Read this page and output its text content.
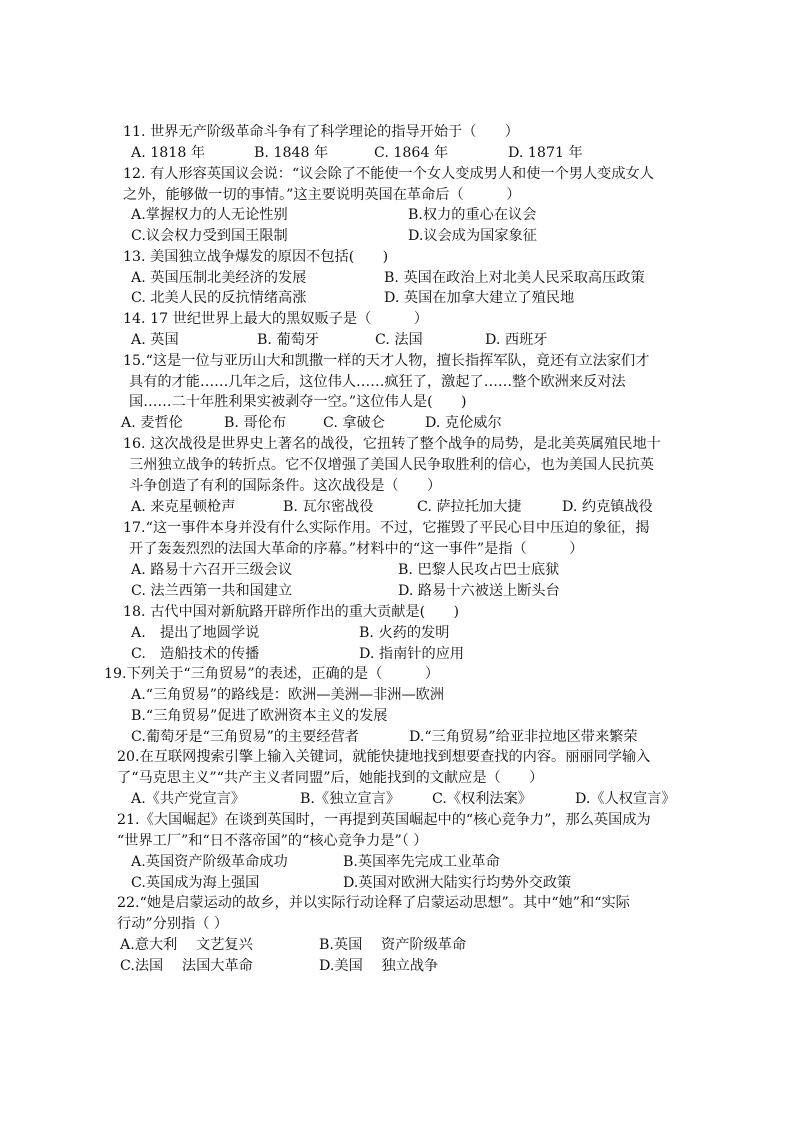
11. 世界无产阶级革命斗争有了科学理论的指导开始于（　　）
A. 1818 年	B. 1848 年	C. 1864 年	D. 1871 年
12. 有人形容英国议会说：“议会除了不能使一个女人变成男人和使一个男人变成女人
之外，能够做一切的事情。”这主要说明英国在革命后（　　　）
A.掌握权力的人无论性别	B.权力的重心在议会
C.议会权力受到国王限制	D.议会成为国家象征
13. 美国独立战争爆发的原因不包括(　　)
A. 英国压制北美经济的发展	B. 英国在政治上对北美人民采取高压政策
C. 北美人民的反抗情绪高涨	D. 英国在加拿大建立了殖民地
14. 17 世纪世界上最大的黑奴贩子是（　　　）
A. 英国	B. 葡萄牙	C. 法国	D. 西班牙
15.“这是一位与亚历山大和凯撒一样的天才人物，擅长指挥军队，竟还有立法家们才
具有的才能……几年之后，这位伟人……疯狂了，激起了……整个欧洲来反对法
国……二十年胜利果实被剥夺一空。”这位伟人是(　　)
A. 麦哲伦	B. 哥伦布	C. 拿破仑	D. 克伦威尔
16. 这次战役是世界史上著名的战役，它扭转了整个战争的局势，是北美英属殖民地十
三州独立战争的转折点。它不仅增强了美国人民争取胜利的信心，也为美国人民抗英
斗争创造了有利的国际条件。这次战役是（　　）
A. 来克星顿枪声	B. 瓦尔密战役	C. 萨拉托加大捷	D. 约克镇战役
17.“这一事件本身并没有什么实际作用。不过，它摧毁了平民心目中压迫的象征，揭
开了轰轰烈烈的法国大革命的序幕。”材料中的“这一事件”是指（　　　）
A. 路易十六召开三级会议	B. 巴黎人民攻占巴士底狱
C. 法兰西第一共和国建立	D. 路易十六被送上断头台
18. 古代中国对新航路开辟所作出的重大贡献是(　　)
A.　提出了地圆学说	B. 火药的发明
C.　造船技术的传播	D. 指南针的应用
19.下列关于“三角贸易”的表述，正确的是（　　　）
A.“三角贸易”的路线是：欧洲—美洲—非洲—欧洲
B.“三角贸易”促进了欧洲资本主义的发展
C.葡萄牙是“三角贸易”的主要经营者	D.“三角贸易”给亚非拉地区带来繁荣
20.在互联网搜索引擎上输入关键词，就能快捷地找到想要查找的内容。丽丽同学输入
了“马克思主义”“共产主义者同盟”后，她能找到的文献应是（　　）
A.《共产党宣言》	B.《独立宣言》 C.《权利法案》	D.《人权宣言》
21.《大国崛起》在谈到英国时，一再提到英国崛起中的“核心竞争力”，那么英国成为
“世界工厂”和“日不落帝国”的“核心竞争力是”（ ）
A.英国资产阶级革命成功	B.英国率先完成工业革命
C.英国成为海上强国	D.英国对欧洲大陆实行均势外交政策
22.“她是启蒙运动的故乡，并以实际行动诠释了启蒙运动思想”。其中“她”和“实际
行动”分别指（ ）
A.意大利　 文艺复兴	B.英国　 资产阶级革命
C.法国　 法国大革命	D.美国　 独立战争
